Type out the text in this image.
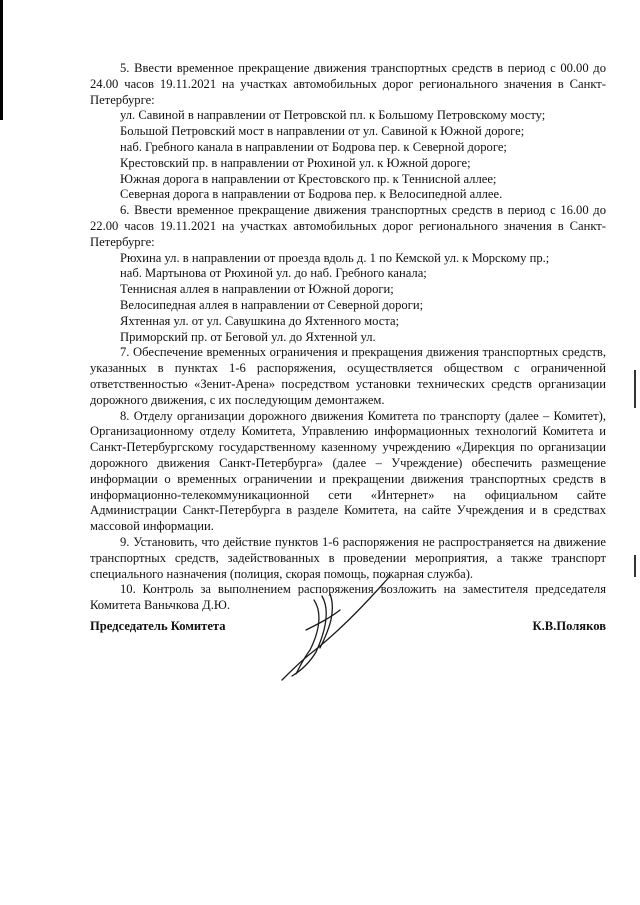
5. Ввести временное прекращение движения транспортных средств в период с 00.00 до 24.00 часов 19.11.2021 на участках автомобильных дорог регионального значения в Санкт-Петербурге:

ул. Савиной в направлении от Петровской пл. к Большому Петровскому мосту;

Большой Петровский мост в направлении от ул. Савиной к Южной дороге;

наб. Гребного канала в направлении от Бодрова пер. к Северной дороге;

Крестовский пр. в направлении от Рюхиной ул. к Южной дороге;

Южная дорога в направлении от Крестовского пр. к Теннисной аллее;

Северная дорога в направлении от Бодрова пер. к Велосипедной аллее.

6. Ввести временное прекращение движения транспортных средств в период с 16.00 до 22.00 часов 19.11.2021 на участках автомобильных дорог регионального значения в Санкт-Петербурге:

Рюхина ул. в направлении от проезда вдоль д. 1 по Кемской ул. к Морскому пр.;

наб. Мартынова от Рюхиной ул. до наб. Гребного канала;

Теннисная аллея в направлении от Южной дороги;

Велосипедная аллея в направлении от Северной дороги;

Яхтенная ул. от ул. Савушкина до Яхтенного моста;

Приморский пр. от Беговой ул. до Яхтенной ул.

7. Обеспечение временных ограничения и прекращения движения транспортных средств, указанных в пунктах 1-6 распоряжения, осуществляется обществом с ограниченной ответственностью «Зенит-Арена» посредством установки технических средств организации дорожного движения, с их последующим демонтажем.

8. Отделу организации дорожного движения Комитета по транспорту (далее – Комитет), Организационному отделу Комитета, Управлению информационных технологий Комитета и Санкт-Петербургскому государственному казенному учреждению «Дирекция по организации дорожного движения Санкт-Петербурга» (далее – Учреждение) обеспечить размещение информации о временных ограничении и прекращении движения транспортных средств в информационно-телекоммуникационной сети «Интернет» на официальном сайте Администрации Санкт-Петербурга в разделе Комитета, на сайте Учреждения и в средствах массовой информации.

9. Установить, что действие пунктов 1-6 распоряжения не распространяется на движение транспортных средств, задействованных в проведении мероприятия, а также транспорт специального назначения (полиция, скорая помощь, пожарная служба).

10. Контроль за выполнением распоряжения возложить на заместителя председателя Комитета Ваньчкова Д.Ю.

Председатель Комитета	К.В.Поляков
